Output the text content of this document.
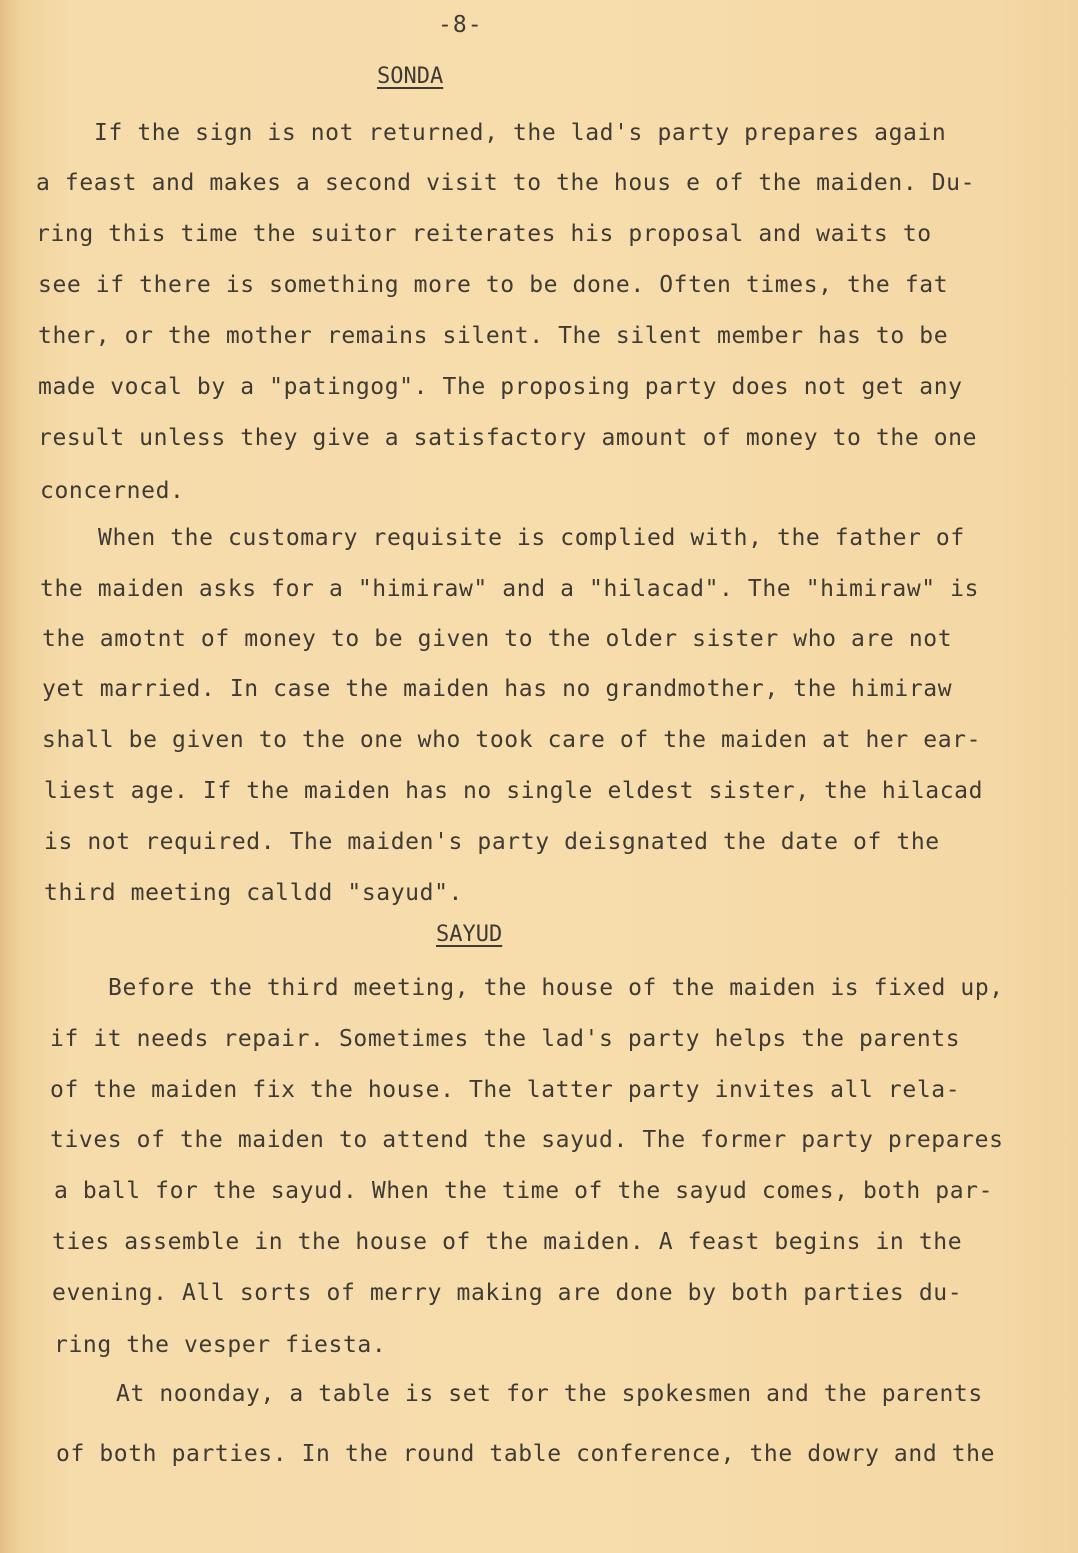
-8-
SONDA
If the sign is not returned, the lad's party prepares again
a feast and makes a second visit to the hous e of the maiden. Du-
ring this time the suitor reiterates his proposal and waits to
see if there is something more to be done. Often times, the fat
ther, or the mother remains silent. The silent member has to be
made vocal by a "patingog". The proposing party does not get any
result unless they give a satisfactory amount of money to the one
concerned.
When the customary requisite is complied with, the father of
the maiden asks for a "himiraw" and a "hilacad". The "himiraw" is
the amotnt of money to be given to the older sister who are not
yet married. In case the maiden has no grandmother, the himiraw
shall be given to the one who took care of the maiden at her ear-
liest age. If the maiden has no single eldest sister, the hilacad
is not required. The maiden's party deisgnated the date of the
third meeting calldd "sayud".
SAYUD
Before the third meeting, the house of the maiden is fixed up,
if it needs repair. Sometimes the lad's party helps the parents
of the maiden fix the house. The latter party invites all rela-
tives of the maiden to attend the sayud. The former party prepares
a ball for the sayud. When the time of the sayud comes, both par-
ties assemble in the house of the maiden. A feast begins in the
evening. All sorts of merry making are done by both parties du-
ring the vesper fiesta.
At noonday, a table is set for the spokesmen and the parents
of both parties. In the round table conference, the dowry and the
